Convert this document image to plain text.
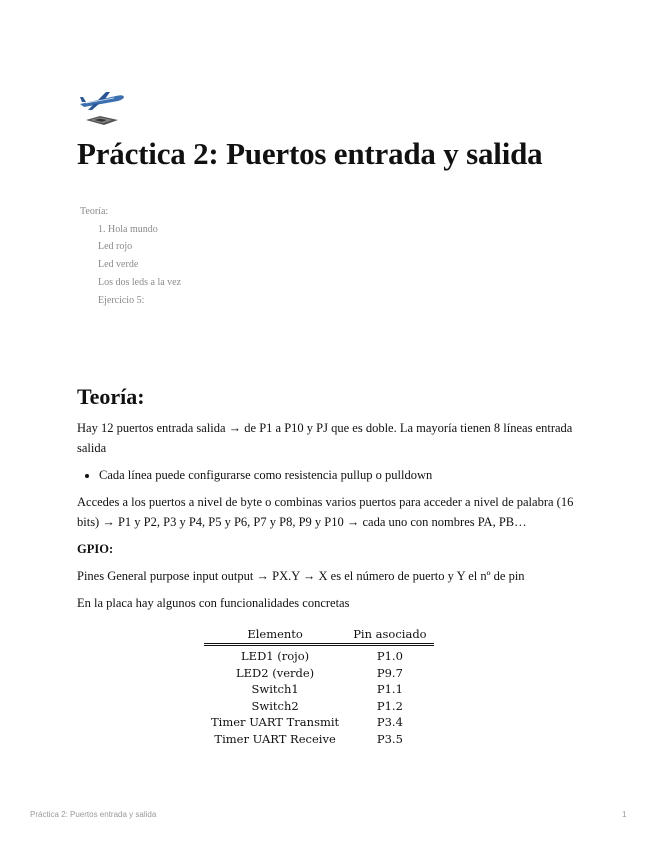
Práctica 2: Puertos entrada y salida
Teoría:
1. Hola mundo
Led rojo
Led verde
Los dos leds a la vez
Ejercicio 5:
Teoría:

Hay 12 puertos entrada salida → de P1 a P10 y PJ que es doble. La mayoría tienen 8 líneas entrada salida

• Cada línea puede configurarse como resistencia pullup o pulldown

Accedes a los puertos a nivel de byte o combinas varios puertos para acceder a nivel de palabra (16 bits) → P1 y P2, P3 y P4, P5 y P6, P7 y P8, P9 y P10 → cada uno con nombres PA, PB…

GPIO:

Pines General purpose input output → PX.Y → X es el número de puerto y Y el nº de pin

En la placa hay algunos con funcionalidades concretas

Elemento	Pin asociado
LED1 (rojo)	P1.0
LED2 (verde)	P9.7
Switch1	P1.1
Switch2	P1.2
Timer UART Transmit	P3.4
Timer UART Receive	P3.5
Práctica 2: Puertos entrada y salida	1
